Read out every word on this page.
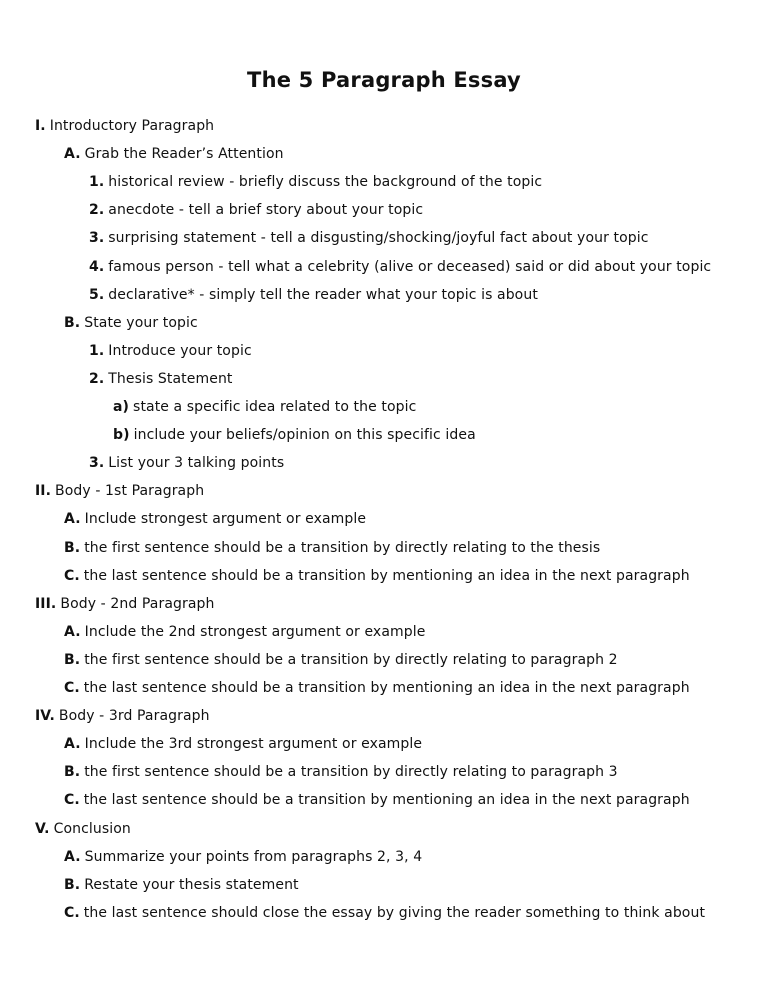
The 5 Paragraph Essay
I. Introductory Paragraph
A. Grab the Reader’s Attention
1. historical review - briefly discuss the background of the topic
2. anecdote - tell a brief story about your topic
3. surprising statement - tell a disgusting/shocking/joyful fact about your topic
4. famous person - tell what a celebrity (alive or deceased) said or did about your topic
5. declarative* - simply tell the reader what your topic is about
B. State your topic
1. Introduce your topic
2. Thesis Statement
a) state a specific idea related to the topic
b) include your beliefs/opinion on this specific idea
3. List your 3 talking points
II. Body - 1st Paragraph
A. Include strongest argument or example
B. the first sentence should be a transition by directly relating to the thesis
C. the last sentence should be a transition by mentioning an idea in the next paragraph
III. Body - 2nd Paragraph
A. Include the 2nd strongest argument or example
B. the first sentence should be a transition by directly relating to paragraph 2
C. the last sentence should be a transition by mentioning an idea in the next paragraph
IV. Body - 3rd Paragraph
A. Include the 3rd strongest argument or example
B. the first sentence should be a transition by directly relating to paragraph 3
C. the last sentence should be a transition by mentioning an idea in the next paragraph
V. Conclusion
A. Summarize your points from paragraphs 2, 3, 4
B. Restate your thesis statement
C. the last sentence should close the essay by giving the reader something to think about
